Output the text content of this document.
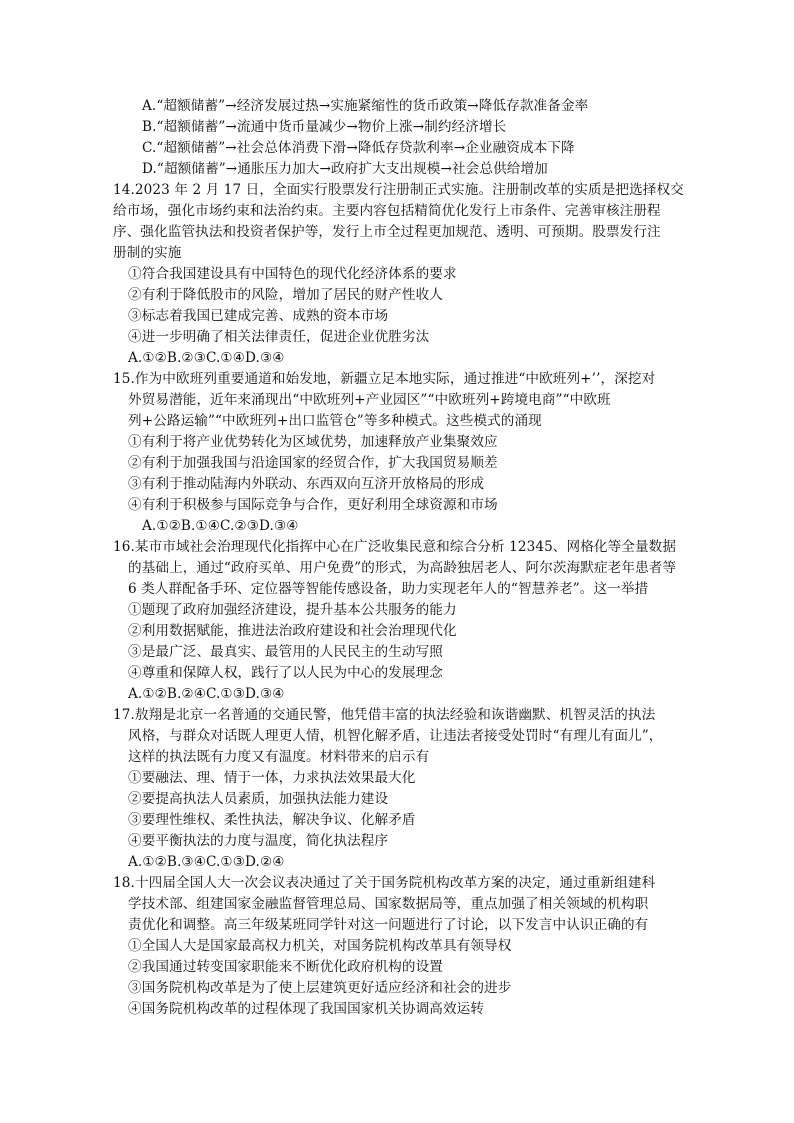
A.“超额储蓄”→经济发展过热→实施紧缩性的货币政策→降低存款准备金率
B.“超额储蓄”→流通中货币量减少→物价上涨→制约经济增长
C.“超额储蓄”→社会总体消费下滑→降低存贷款利率→企业融资成本下降
D.“超额储蓄”→通胀压力加大→政府扩大支出规模→社会总供给增加
14.2023 年 2 月 17 日，全面实行股票发行注册制正式实施。注册制改革的实质是把选择权交
给市场，强化市场约束和法治约束。主要内容包括精简优化发行上市条件、完善审核注册程
序、强化监管执法和投资者保护等，发行上市全过程更加规范、透明、可预期。股票发行注
册制的实施
①符合我国建设具有中国特色的现代化经济体系的要求
②有利于降低股市的风险，增加了居民的财产性收人
③标志着我国已建成完善、成熟的资本市场
④进一步明确了相关法律责任，促进企业优胜劣汰
A.①②B.②③C.①④D.③④
15.作为中欧班列重要通道和始发地，新疆立足本地实际，通过推进“中欧班列+’’，深挖对
外贸易潜能，近年来涌现出“中欧班列+产业园区”“中欧班列+跨境电商”“中欧班
列+公路运输”“中欧班列+出口监管仓”等多种模式。这些模式的涌现
①有利于将产业优势转化为区域优势，加速释放产业集聚效应
②有利于加强我国与沿途国家的经贸合作，扩大我国贸易顺差
③有利于推动陆海内外联动、东西双向互济开放格局的形成
④有利于积极参与国际竞争与合作，更好利用全球资源和市场
A.①②B.①④C.②③D.③④
16.某市市域社会治理现代化指挥中心在广泛收集民意和综合分析 12345、网格化等全量数据
的基础上，通过“政府买单、用户免费”的形式，为高龄独居老人、阿尔茨海默症老年患者等
6 类人群配备手环、定位器等智能传感设备，助力实现老年人的“智慧养老”。这一举措
①题现了政府加强经济建设，提升基本公共服务的能力
②利用数据赋能，推进法治政府建设和社会治理现代化
③是最广泛、最真实、最管用的人民民主的生动写照
④尊重和保障人权，践行了以人民为中心的发展理念
A.①②B.②④C.①③D.③④
17.敖翔是北京一名普通的交通民警，他凭借丰富的执法经验和诙谐幽默、机智灵活的执法
风格，与群众对话既人理更人情，机智化解矛盾，让违法者接受处罚时“有理儿有面儿”，
这样的执法既有力度又有温度。材料带来的启示有
①要融法、理、情于一体，力求执法效果最大化
②要提高执法人员素质，加强执法能力建设
③要理性维权、柔性执法，解决争议、化解矛盾
④要平衡执法的力度与温度，简化执法程序
A.①②B.③④C.①③D.②④
18.十四届全国人大一次会议表决通过了关于国务院机构改革方案的决定，通过重新组建科
学技术部、组建国家金融监督管理总局、国家数据局等，重点加强了相关领域的机构职
责优化和调整。高三年级某班同学针对这一问题进行了讨论，以下发言中认识正确的有
①全国人大是国家最高权力机关，对国务院机构改革具有领导权
②我国通过转变国家职能来不断优化政府机构的设置
③国务院机构改革是为了使上层建筑更好适应经济和社会的进步
④国务院机构改革的过程体现了我国国家机关协调高效运转
